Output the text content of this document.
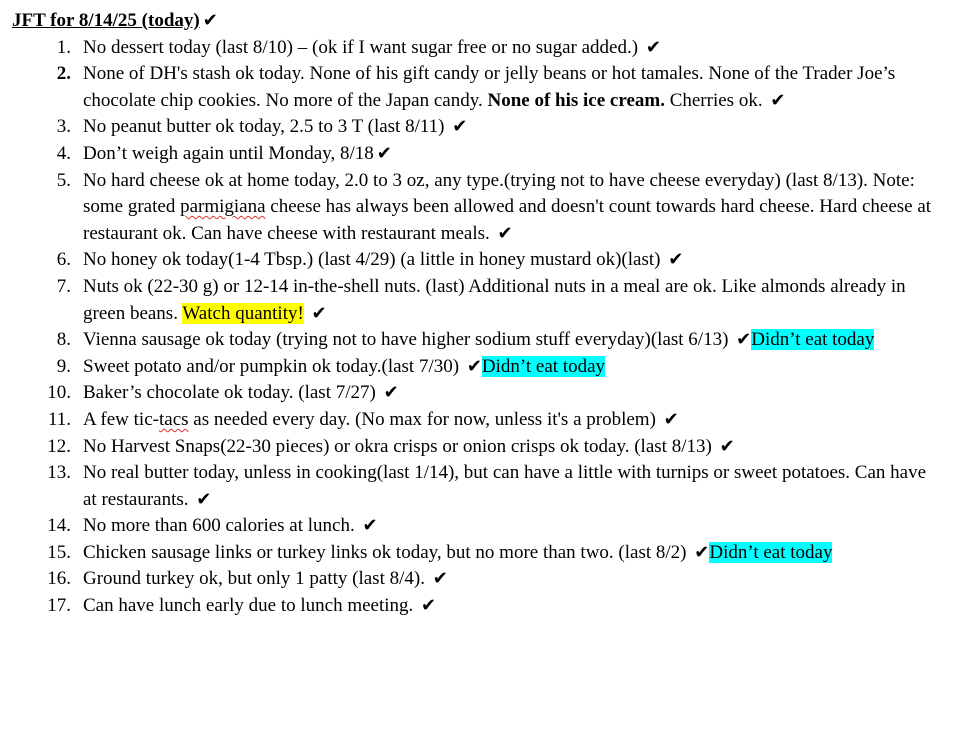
JFT for 8/14/25 (today) ✔
1. No dessert today (last 8/10) – (ok if I want sugar free or no sugar added.) ✔
2. None of DH's stash ok today. None of his gift candy or jelly beans or hot tamales. None of the Trader Joe’s chocolate chip cookies. No more of the Japan candy. None of his ice cream. Cherries ok. ✔
3. No peanut butter ok today, 2.5 to 3 T (last 8/11) ✔
4. Don’t weigh again until Monday, 8/18 ✔
5. No hard cheese ok at home today, 2.0 to 3 oz, any type.(trying not to have cheese everyday) (last 8/13). Note: some grated parmigiana cheese has always been allowed and doesn't count towards hard cheese. Hard cheese at restaurant ok. Can have cheese with restaurant meals. ✔
6. No honey ok today(1-4 Tbsp.) (last 4/29) (a little in honey mustard ok)(last) ✔
7. Nuts ok (22-30 g) or 12-14 in-the-shell nuts. (last) Additional nuts in a meal are ok. Like almonds already in green beans. Watch quantity! ✔
8. Vienna sausage ok today (trying not to have higher sodium stuff everyday)(last 6/13) ✔Didn’t eat today
9. Sweet potato and/or pumpkin ok today.(last 7/30) ✔Didn’t eat today
10. Baker’s chocolate ok today. (last 7/27) ✔
11. A few tic-tacs as needed every day. (No max for now, unless it's a problem) ✔
12. No Harvest Snaps(22-30 pieces) or okra crisps or onion crisps ok today. (last 8/13) ✔
13. No real butter today, unless in cooking(last 1/14), but can have a little with turnips or sweet potatoes. Can have at restaurants. ✔
14. No more than 600 calories at lunch. ✔
15. Chicken sausage links or turkey links ok today, but no more than two. (last 8/2) ✔Didn’t eat today
16. Ground turkey ok, but only 1 patty (last 8/4). ✔
17. Can have lunch early due to lunch meeting. ✔
